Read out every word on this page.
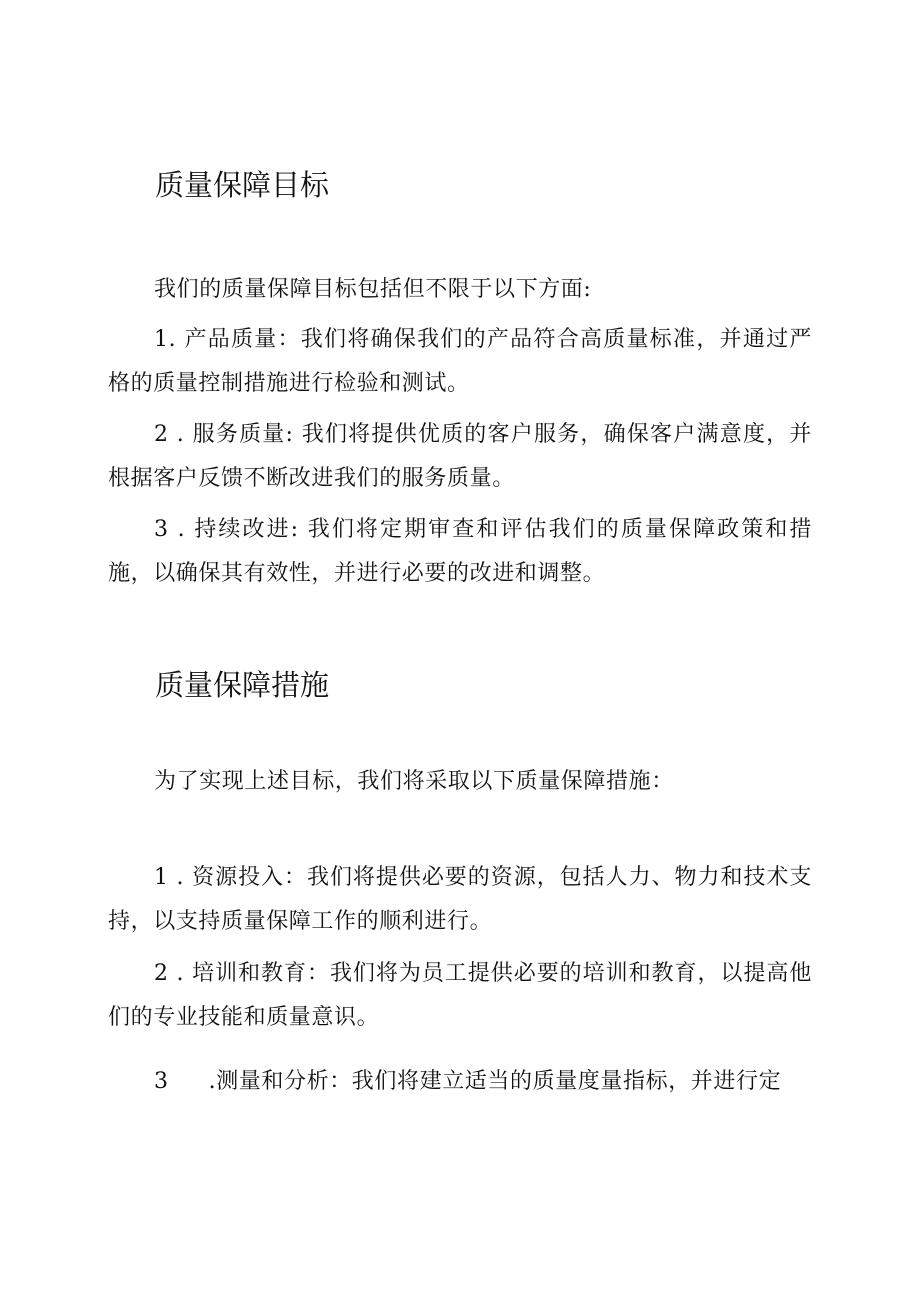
质量保障目标

我们的质量保障目标包括但不限于以下方面:

1. 产品质量：我们将确保我们的产品符合高质量标准，并通过严格的质量控制措施进行检验和测试。

2 . 服务质量: 我们将提供优质的客户服务，确保客户满意度，并根据客户反馈不断改进我们的服务质量。

3 . 持续改进: 我们将定期审查和评估我们的质量保障政策和措施，以确保其有效性，并进行必要的改进和调整。

质量保障措施

为了实现上述目标，我们将采取以下质量保障措施：

1 . 资源投入：我们将提供必要的资源，包括人力、物力和技术支持，以支持质量保障工作的顺利进行。

2 . 培训和教育：我们将为员工提供必要的培训和教育，以提高他们的专业技能和质量意识。

3 .测量和分析：我们将建立适当的质量度量指标，并进行定
